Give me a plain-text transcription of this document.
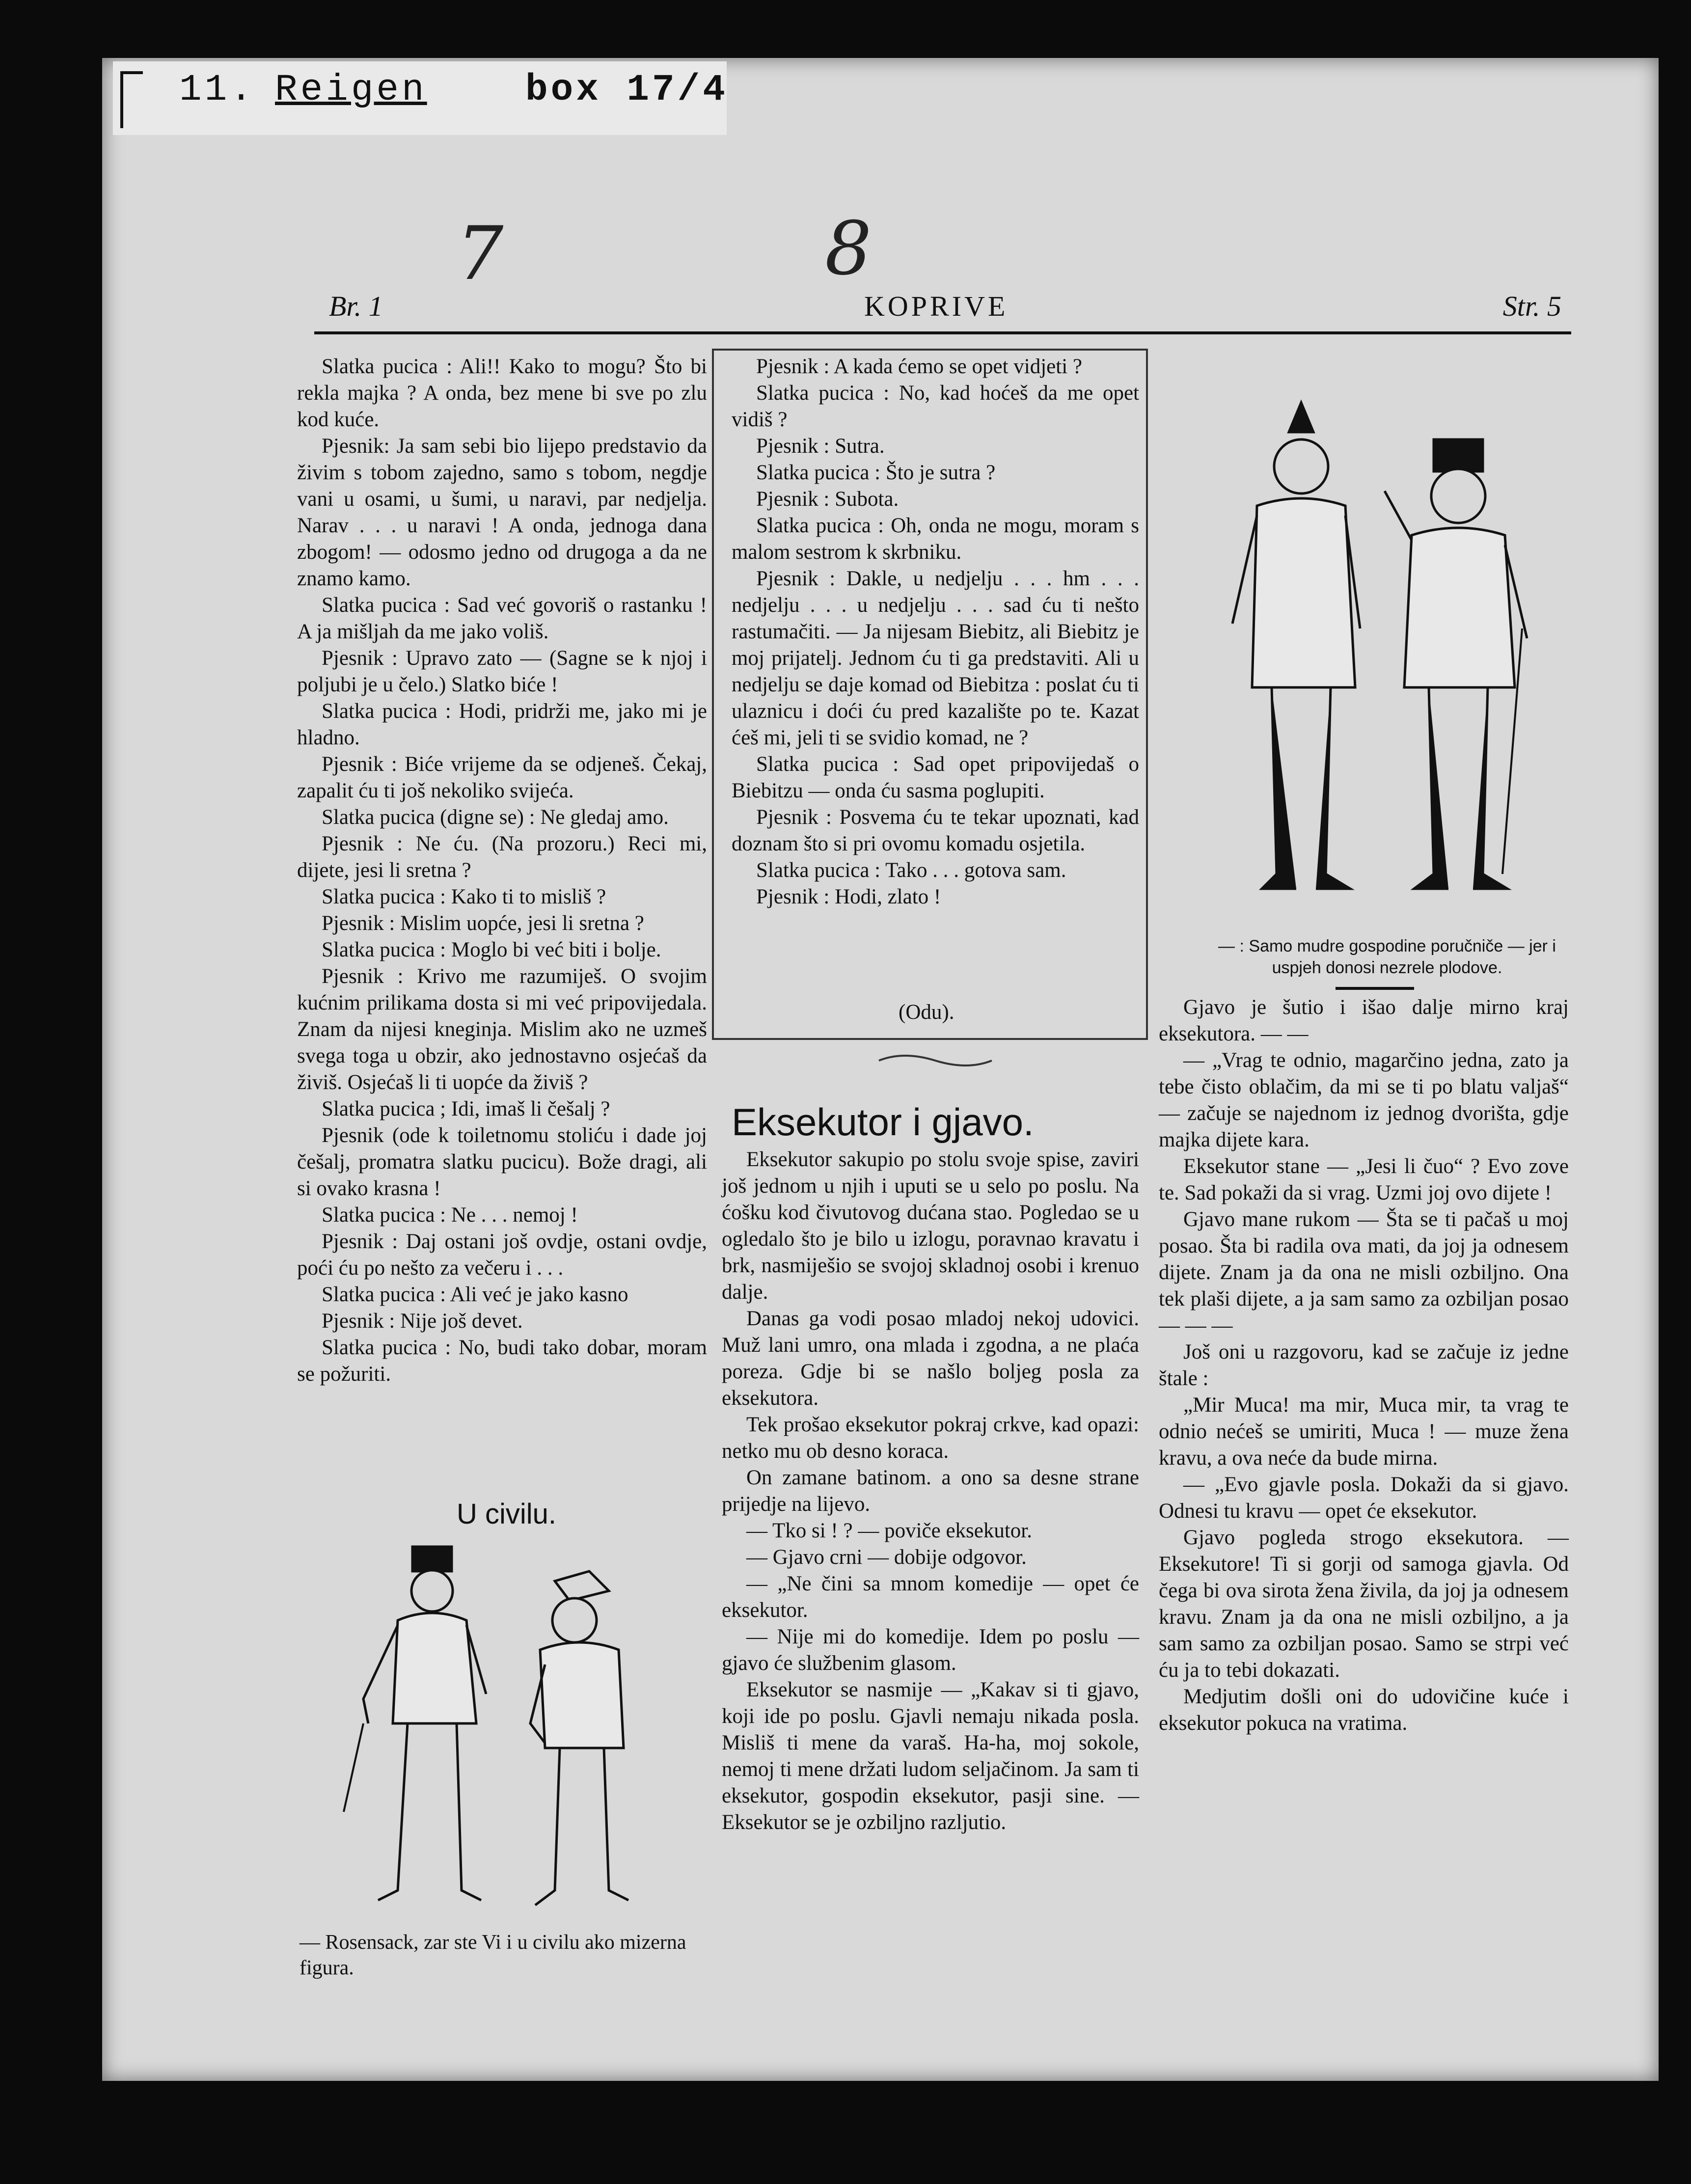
11. Reigen	box 17/4
7	8
Br. 1	KOPRIVE	Str. 5

Slatka pucica : Ali!! Kako to mogu? Što bi rekla majka ? A onda, bez mene bi sve po zlu kod kuće.

Pjesnik: Ja sam sebi bio lijepo predstavio da živim s tobom zajedno, samo s tobom, negdje vani u osami, u šumi, u naravi, par nedjelja. Narav . . . u naravi ! A onda, jednoga dana zbogom! — odosmo jedno od drugoga a da ne znamo kamo.

Slatka pucica : Sad već govoriš o rastanku ! A ja mišljah da me jako voliš.

Pjesnik : Upravo zato — (Sagne se k njoj i poljubi je u čelo.) Slatko biće !

Slatka pucica : Hodi, pridrži me, jako mi je hladno.

Pjesnik : Biće vrijeme da se odjeneš. Čekaj, zapalit ću ti još nekoliko svijeća.

Slatka pucica (digne se) : Ne gledaj amo.

Pjesnik : Ne ću. (Na prozoru.) Reci mi, dijete, jesi li sretna ?

Slatka pucica : Kako ti to misliš ?

Pjesnik : Mislim uopće, jesi li sretna ?

Slatka pucica : Moglo bi već biti i bolje.

Pjesnik : Krivo me razumiješ. O svojim kućnim prilikama dosta si mi već pripovijedala. Znam da nijesi kneginja. Mislim ako ne uzmeš svega toga u obzir, ako jednostavno osjećaš da živiš. Osjećaš li ti uopće da živiš ?

Slatka pucica ; Idi, imaš li češalj ?

Pjesnik (ode k toiletnomu stoliću i dade joj češalj, promatra slatku pucicu). Bože dragi, ali si ovako krasna !

Slatka pucica : Ne . . . nemoj !

Pjesnik : Daj ostani još ovdje, ostani ovdje, poći ću po nešto za večeru i . . .

Slatka pucica : Ali već je jako kasno

Pjesnik : Nije još devet.

Slatka pucica : No, budi tako dobar, moram se požuriti.

U civilu.
— Rosensack, zar ste Vi i u civilu ako mizerna figura.

Pjesnik : A kada ćemo se opet vidjeti ?

Slatka pucica : No, kad hoćeš da me opet vidiš ?

Pjesnik : Sutra.

Slatka pucica : Što je sutra ?

Pjesnik : Subota.

Slatka pucica : Oh, onda ne mogu, moram s malom sestrom k skrbniku.

Pjesnik : Dakle, u nedjelju . . . hm . . . nedjelju . . . u nedjelju . . . sad ću ti nešto rastumačiti. — Ja nijesam Biebitz, ali Biebitz je moj prijatelj. Jednom ću ti ga predstaviti. Ali u nedjelju se daje komad od Biebitza : poslat ću ti ulaznicu i doći ću pred kazalište po te. Kazat ćeš mi, jeli ti se svidio komad, ne ?

Slatka pucica : Sad opet pripovijedaš o Biebitzu — onda ću sasma poglupiti.

Pjesnik : Posvema ću te tekar upoznati, kad doznam što si pri ovomu komadu osjetila.

Slatka pucica : Tako . . . gotova sam.

Pjesnik : Hodi, zlato !

(Odu).
Eksekutor i gjavo.

Eksekutor sakupio po stolu svoje spise, zaviri još jednom u njih i uputi se u selo po poslu. Na ćošku kod čivutovog dućana stao. Pogledao se u ogledalo što je bilo u izlogu, poravnao kravatu i brk, nasmiješio se svojoj skladnoj osobi i krenuo dalje.

Danas ga vodi posao mladoj nekoj udovici. Muž lani umro, ona mlada i zgodna, a ne plaća poreza. Gdje bi se našlo boljeg posla za eksekutora.

Tek prošao eksekutor pokraj crkve, kad opazi: netko mu ob desno koraca.

On zamane batinom. a ono sa desne strane prijedje na lijevo.

— Tko si ! ? — poviče eksekutor.

— Gjavo crni — dobije odgovor.

— „Ne čini sa mnom komedije — opet će eksekutor.

— Nije mi do komedije. Idem po poslu — gjavo će službenim glasom.

Eksekutor se nasmije — „Kakav si ti gjavo, koji ide po poslu. Gjavli nemaju nikada posla. Misliš ti mene da varaš. Ha-ha, moj sokole, nemoj ti mene držati ludom seljačinom. Ja sam ti eksekutor, gospodin eksekutor, pasji sine. — Eksekutor se je ozbiljno razljutio.

— : Samo mudre gospodine poručniče — jer i uspjeh donosi nezrele plodove.

Gjavo je šutio i išao dalje mirno kraj eksekutora. — —

— „Vrag te odnio, magarčino jedna, zato ja tebe čisto oblačim, da mi se ti po blatu valjaš“ — začuje se najednom iz jednog dvorišta, gdje majka dijete kara.

Eksekutor stane — „Jesi li čuo“ ? Evo zove te. Sad pokaži da si vrag. Uzmi joj ovo dijete !

Gjavo mane rukom — Šta se ti pačaš u moj posao. Šta bi radila ova mati, da joj ja odnesem dijete. Znam ja da ona ne misli ozbiljno. Ona tek plaši dijete, a ja sam samo za ozbiljan posao — — —

Još oni u razgovoru, kad se začuje iz jedne štale :

„Mir Muca! ma mir, Muca mir, ta vrag te odnio nećeš se umiriti, Muca ! — muze žena kravu, a ova neće da bude mirna.

— „Evo gjavle posla. Dokaži da si gjavo. Odnesi tu kravu — opet će eksekutor.

Gjavo pogleda strogo eksekutora. — Eksekutore! Ti si gorji od samoga gjavla. Od čega bi ova sirota žena živila, da joj ja odnesem kravu. Znam ja da ona ne misli ozbiljno, a ja sam samo za ozbiljan posao. Samo se strpi već ću ja to tebi dokazati.

Medjutim došli oni do udovičine kuće i eksekutor pokuca na vratima.
